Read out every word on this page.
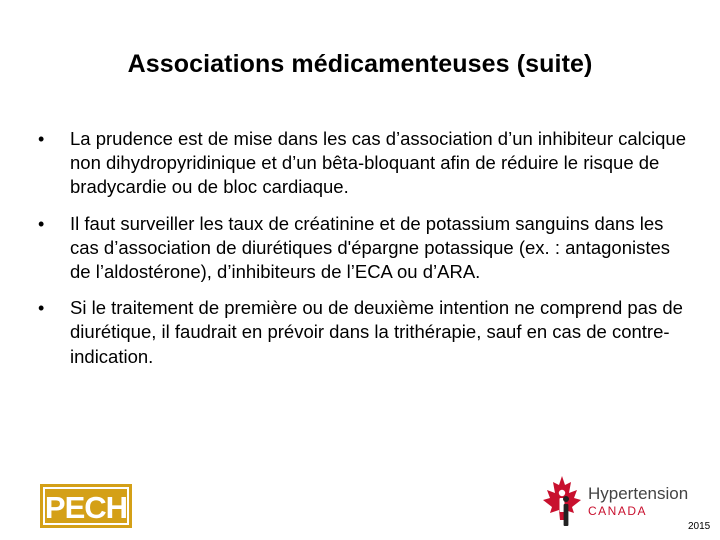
Associations médicamenteuses (suite)
• La prudence est de mise dans les cas d’association d’un inhibiteur calcique non dihydropyridinique et d’un bêta-bloquant afin de réduire le risque de bradycardie ou de bloc cardiaque.
• Il faut surveiller les taux de créatinine et de potassium sanguins dans les cas d’association de diurétiques d'épargne potassique (ex. : antagonistes de l’aldostérone), d’inhibiteurs de l’ECA ou d’ARA.
• Si le traitement de première ou de deuxième intention ne comprend pas de diurétique, il faudrait en prévoir dans la trithérapie, sauf en cas de contre-indication.
PECH	Hypertension
CANADA
2015
